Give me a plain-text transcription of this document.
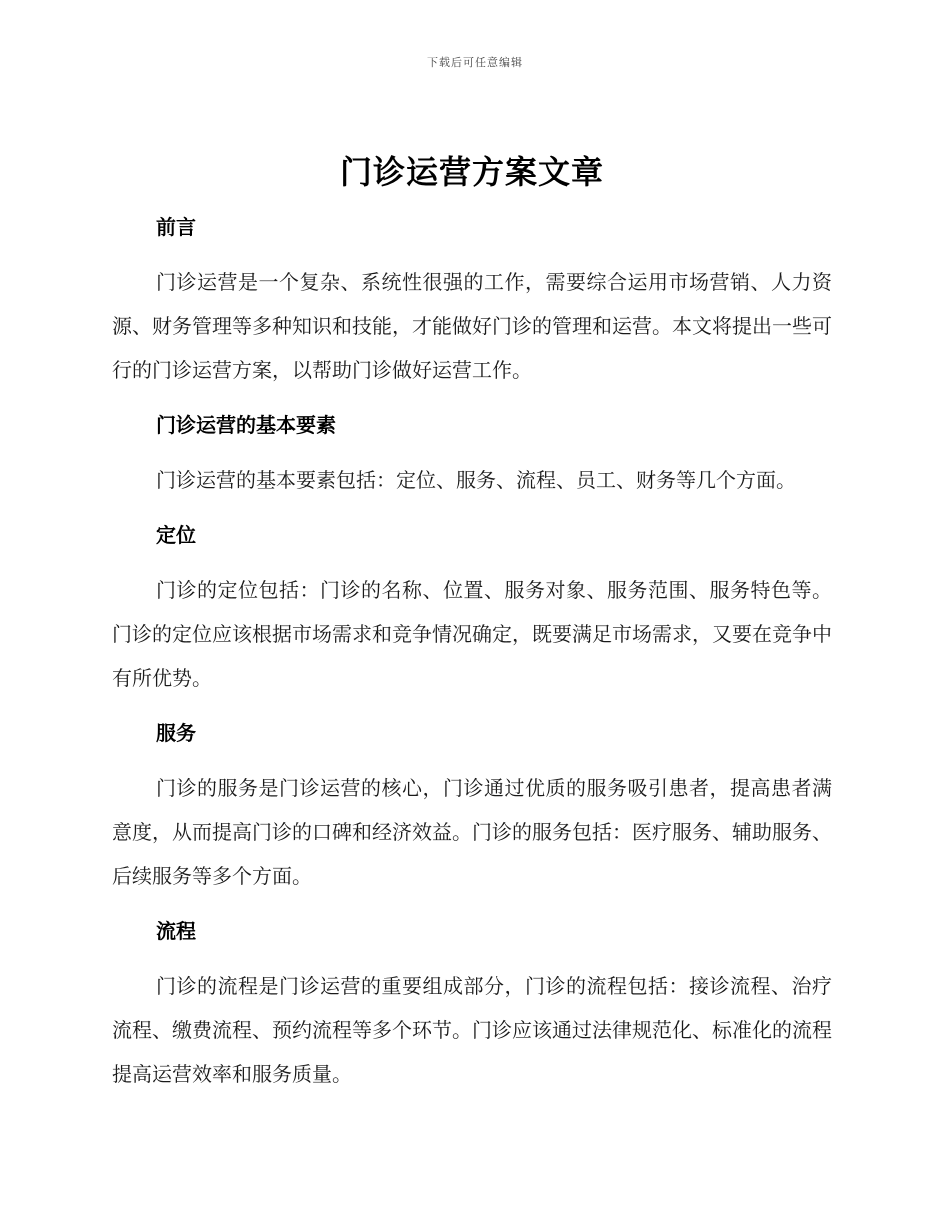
下载后可任意编辑
门诊运营方案文章
前言

门诊运营是一个复杂、系统性很强的工作，需要综合运用市场营销、人力资源、财务管理等多种知识和技能，才能做好门诊的管理和运营。本文将提出一些可行的门诊运营方案，以帮助门诊做好运营工作。

门诊运营的基本要素

门诊运营的基本要素包括：定位、服务、流程、员工、财务等几个方面。

定位

门诊的定位包括：门诊的名称、位置、服务对象、服务范围、服务特色等。门诊的定位应该根据市场需求和竞争情况确定，既要满足市场需求，又要在竞争中有所优势。

服务

门诊的服务是门诊运营的核心，门诊通过优质的服务吸引患者，提高患者满意度，从而提高门诊的口碑和经济效益。门诊的服务包括：医疗服务、辅助服务、后续服务等多个方面。

流程

门诊的流程是门诊运营的重要组成部分，门诊的流程包括：接诊流程、治疗流程、缴费流程、预约流程等多个环节。门诊应该通过法律规范化、标准化的流程提高运营效率和服务质量。
